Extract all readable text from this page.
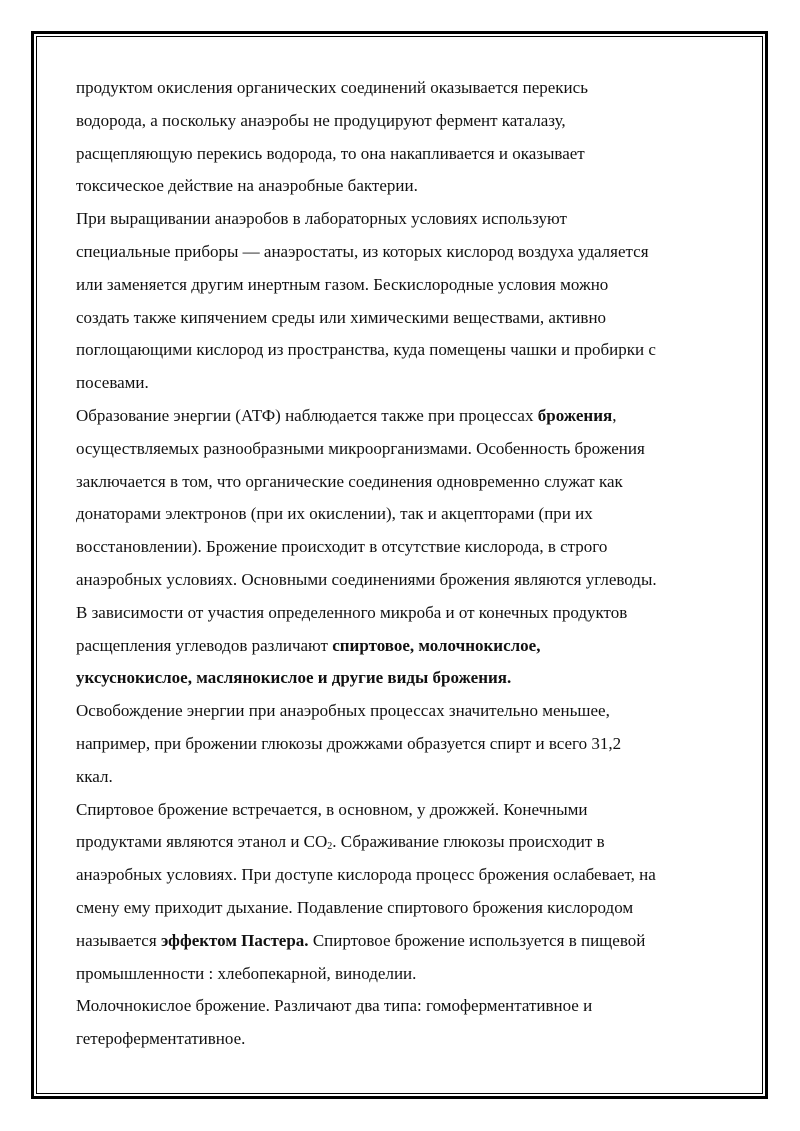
продуктом окисления органических соединений оказывается перекись
водорода, а поскольку анаэробы не продуцируют фермент каталазу,
расщепляющую перекись водорода, то она накапливается и оказывает
токсическое действие на анаэробные бактерии.
При выращивании анаэробов в лабораторных условиях используют
специальные приборы — анаэростаты, из которых кислород воздуха удаляется
или заменяется другим инертным газом. Бескислородные условия можно
создать также кипячением среды или химическими веществами, активно
поглощающими кислород из пространства, куда помещены чашки и пробирки с
посевами.
Образование энергии (АТФ) наблюдается также при процессах брожения,
осуществляемых разнообразными микроорганизмами. Особенность брожения
заключается в том, что органические соединения одновременно служат как
донаторами электронов (при их окислении), так и акцепторами (при их
восстановлении). Брожение происходит в отсутствие кислорода, в строго
анаэробных условиях. Основными соединениями брожения являются углеводы.
В зависимости от участия определенного микроба и от конечных продуктов
расщепления углеводов различают спиртовое, молочнокислое,
уксуснокислое, маслянокислое и другие виды брожения.
Освобождение энергии при анаэробных процессах значительно меньшее,
например, при брожении глюкозы дрожжами образуется спирт и всего 31,2
ккал.
Спиртовое брожение встречается, в основном, у дрожжей. Конечными
продуктами являются этанол и $CO_2$. Сбраживание глюкозы происходит в
анаэробных условиях. При доступе кислорода процесс брожения ослабевает, на
смену ему приходит дыхание. Подавление спиртового брожения кислородом
называется эффектом Пастера. Спиртовое брожение используется в пищевой
промышленности : хлебопекарной, виноделии.
Молочнокислое брожение. Различают два типа: гомоферментативное и
гетероферментативное.
